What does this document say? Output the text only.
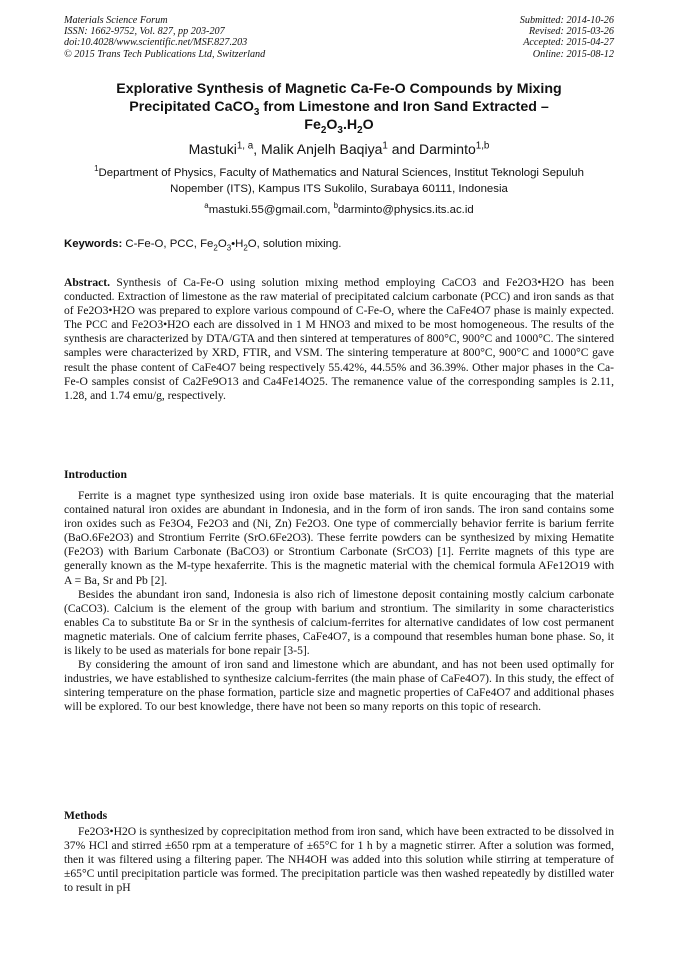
Materials Science Forum
ISSN: 1662-9752, Vol. 827, pp 203-207
doi:10.4028/www.scientific.net/MSF.827.203
© 2015 Trans Tech Publications Ltd, Switzerland
Submitted: 2014-10-26
Revised: 2015-03-26
Accepted: 2015-04-27
Online: 2015-08-12
Explorative Synthesis of Magnetic Ca-Fe-O Compounds by Mixing
Precipitated CaCO$_3$ from Limestone and Iron Sand Extracted –
$Fe_2O_3.H_2O$
Mastuki$^{1, a}$, Malik Anjelh Baqiya$^1$ and Darminto$^{1,b}$
$^1$Department of Physics, Faculty of Mathematics and Natural Sciences, Institut Teknologi Sepuluh
Nopember (ITS), Kampus ITS Sukolilo, Surabaya 60111, Indonesia
$^a$mastuki.55@gmail.com, $^b$darminto@physics.its.ac.id
Keywords: C-Fe-O, PCC, $Fe_2O_3•H_2O$, solution mixing.

Abstract. Synthesis of Ca-Fe-O using solution mixing method employing CaCO3 and Fe2O3•H2O has been conducted. Extraction of limestone as the raw material of precipitated calcium carbonate (PCC) and iron sands as that of Fe2O3•H2O was prepared to explore various compound of C-Fe-O, where the CaFe4O7 phase is mainly expected. The PCC and Fe2O3•H2O each are dissolved in 1 M HNO3 and mixed to be most homogeneous. The results of the synthesis are characterized by DTA/GTA and then sintered at temperatures of 800°C, 900°C and 1000°C. The sintered samples were characterized by XRD, FTIR, and VSM. The sintering temperature at 800°C, 900°C and 1000°C gave result the phase content of CaFe4O7 being respectively 55.42%, 44.55% and 36.39%. Other major phases in the Ca-Fe-O samples consist of Ca2Fe9O13 and Ca4Fe14O25. The remanence value of the corresponding samples is 2.11, 1.28, and 1.74 emu/g, respectively.

Introduction

Ferrite is a magnet type synthesized using iron oxide base materials. It is quite encouraging that the material contained natural iron oxides are abundant in Indonesia, and in the form of iron sands. The iron sand contains some iron oxides such as Fe3O4, Fe2O3 and (Ni, Zn) Fe2O3. One type of commercially behavior ferrite is barium ferrite (BaO.6Fe2O3) and Strontium Ferrite (SrO.6Fe2O3). These ferrite powders can be synthesized by mixing Hematite (Fe2O3) with Barium Carbonate (BaCO3) or Strontium Carbonate (SrCO3) [1]. Ferrite magnets of this type are generally known as the M-type hexaferrite. This is the magnetic material with the chemical formula AFe12O19 with A = Ba, Sr and Pb [2].

Besides the abundant iron sand, Indonesia is also rich of limestone deposit containing mostly calcium carbonate (CaCO3). Calcium is the element of the group with barium and strontium. The similarity in some characteristics enables Ca to substitute Ba or Sr in the synthesis of calcium-ferrites for alternative candidates of low cost permanent magnetic materials. One of calcium ferrite phases, CaFe4O7, is a compound that resembles human bone phase. So, it is likely to be used as materials for bone repair [3-5].

By considering the amount of iron sand and limestone which are abundant, and has not been used optimally for industries, we have established to synthesize calcium-ferrites (the main phase of CaFe4O7). In this study, the effect of sintering temperature on the phase formation, particle size and magnetic properties of CaFe4O7 and additional phases will be explored. To our best knowledge, there have not been so many reports on this topic of research.

Methods

Fe2O3•H2O is synthesized by coprecipitation method from iron sand, which have been extracted to be dissolved in 37% HCl and stirred ±650 rpm at a temperature of ±65°C for 1 h by a magnetic stirrer. After a solution was formed, then it was filtered using a filtering paper. The NH4OH was added into this solution while stirring at temperature of ±65°C until precipitation particle was formed. The precipitation particle was then washed repeatedly by distilled water to result in pH
